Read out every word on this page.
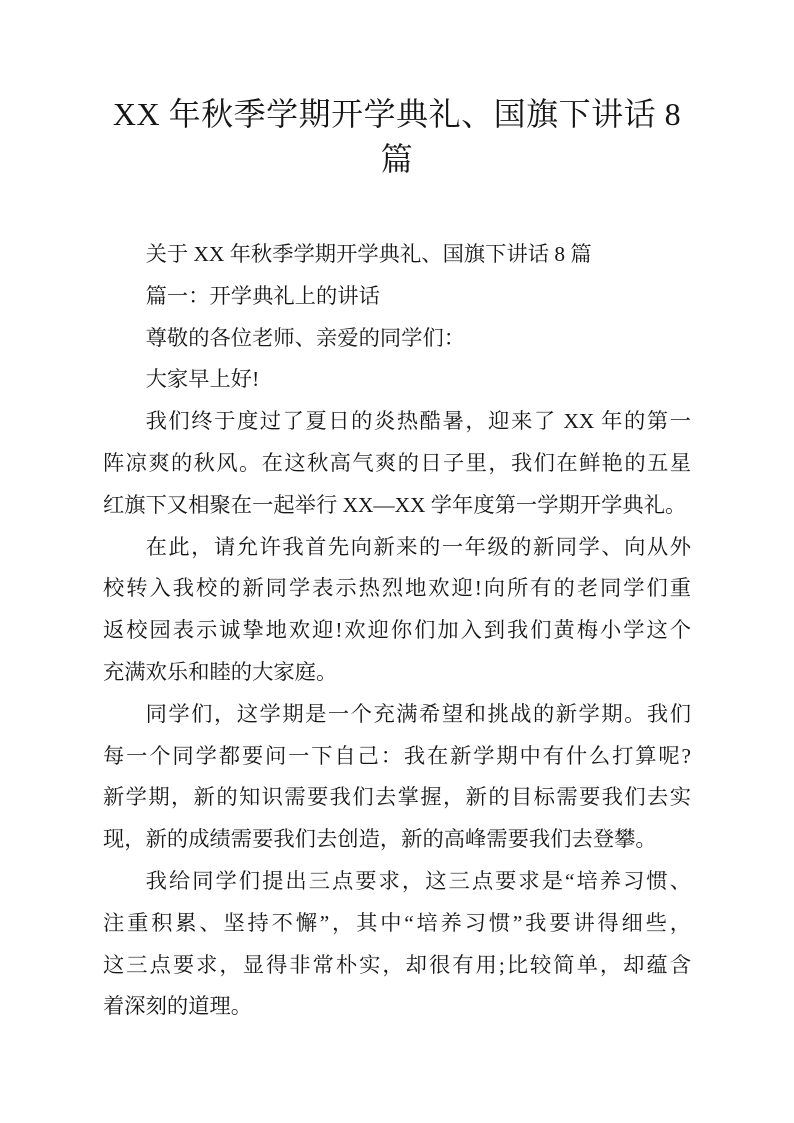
XX 年秋季学期开学典礼、国旗下讲话 8
篇
关于 XX 年秋季学期开学典礼、国旗下讲话 8 篇
篇一：开学典礼上的讲话
尊敬的各位老师、亲爱的同学们：
大家早上好!
我们终于度过了夏日的炎热酷暑，迎来了 XX 年的第一
阵凉爽的秋风。在这秋高气爽的日子里，我们在鲜艳的五星
红旗下又相聚在一起举行 XX—XX 学年度第一学期开学典礼。
在此，请允许我首先向新来的一年级的新同学、向从外
校转入我校的新同学表示热烈地欢迎!向所有的老同学们重
返校园表示诚挚地欢迎!欢迎你们加入到我们黄梅小学这个
充满欢乐和睦的大家庭。
同学们，这学期是一个充满希望和挑战的新学期。我们
每一个同学都要问一下自己：我在新学期中有什么打算呢?
新学期，新的知识需要我们去掌握，新的目标需要我们去实
现，新的成绩需要我们去创造，新的高峰需要我们去登攀。
我给同学们提出三点要求，这三点要求是“培养习惯、
注重积累、坚持不懈”，其中“培养习惯”我要讲得细些，
这三点要求，显得非常朴实，却很有用;比较简单，却蕴含
着深刻的道理。
